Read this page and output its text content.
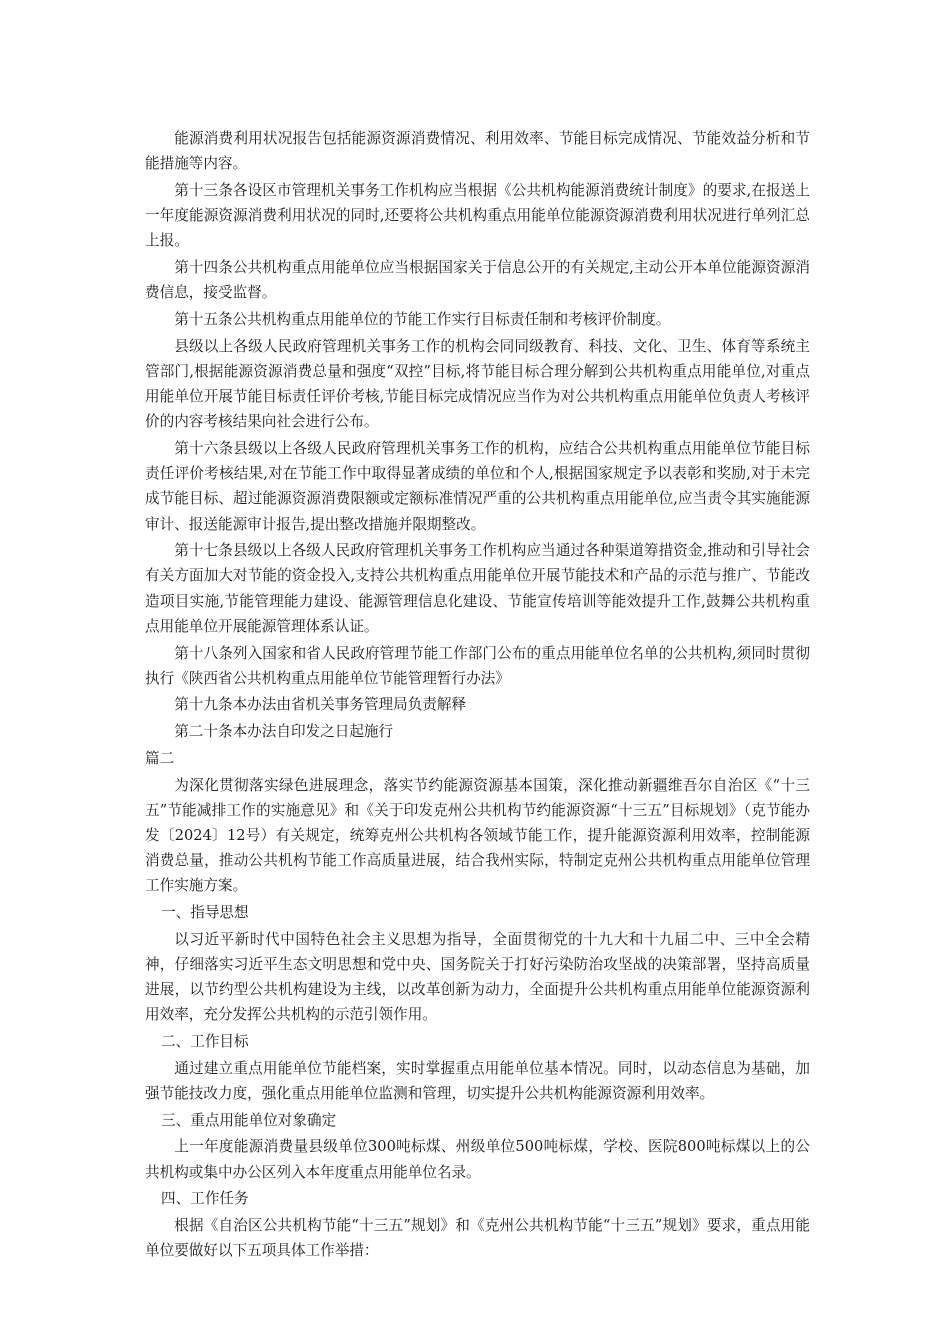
能源消费利用状况报告包括能源资源消费情况、利用效率、节能目标完成情况、节能效益分析和节能措施等内容。

第十三条各设区市管理机关事务工作机构应当根据《公共机构能源消费统计制度》的要求,在报送上一年度能源资源消费利用状况的同时,还要将公共机构重点用能单位能源资源消费利用状况进行单列汇总上报。

第十四条公共机构重点用能单位应当根据国家关于信息公开的有关规定,主动公开本单位能源资源消费信息，接受监督。

第十五条公共机构重点用能单位的节能工作实行目标责任制和考核评价制度。

县级以上各级人民政府管理机关事务工作的机构会同同级教育、科技、文化、卫生、体育等系统主管部门,根据能源资源消费总量和强度“双控”目标,将节能目标合理分解到公共机构重点用能单位,对重点用能单位开展节能目标责任评价考核,节能目标完成情况应当作为对公共机构重点用能单位负责人考核评价的内容考核结果向社会进行公布。

第十六条县级以上各级人民政府管理机关事务工作的机构，应结合公共机构重点用能单位节能目标责任评价考核结果,对在节能工作中取得显著成绩的单位和个人,根据国家规定予以表彰和奖励,对于未完成节能目标、超过能源资源消费限额或定额标准情况严重的公共机构重点用能单位,应当责令其实施能源审计、报送能源审计报告,提出整改措施并限期整改。

第十七条县级以上各级人民政府管理机关事务工作机构应当通过各种渠道筹措资金,推动和引导社会有关方面加大对节能的资金投入,支持公共机构重点用能单位开展节能技术和产品的示范与推广、节能改造项目实施,节能管理能力建设、能源管理信息化建设、节能宣传培训等能效提升工作,鼓舞公共机构重点用能单位开展能源管理体系认证。

第十八条列入国家和省人民政府管理节能工作部门公布的重点用能单位名单的公共机构,须同时贯彻执行《陕西省公共机构重点用能单位节能管理暂行办法》

第十九条本办法由省机关事务管理局负责解释

第二十条本办法自印发之日起施行

篇二

为深化贯彻落实绿色进展理念，落实节约能源资源基本国策，深化推动新疆维吾尔自治区《“十三五”节能减排工作的实施意见》和《关于印发克州公共机构节约能源资源“十三五”目标规划》（克节能办发〔2024〕12号）有关规定，统筹克州公共机构各领域节能工作，提升能源资源利用效率，控制能源消费总量，推动公共机构节能工作高质量进展，结合我州实际，特制定克州公共机构重点用能单位管理工作实施方案。

一、指导思想

以习近平新时代中国特色社会主义思想为指导，全面贯彻党的十九大和十九届二中、三中全会精神，仔细落实习近平生态文明思想和党中央、国务院关于打好污染防治攻坚战的决策部署，坚持高质量进展，以节约型公共机构建设为主线，以改革创新为动力，全面提升公共机构重点用能单位能源资源利用效率，充分发挥公共机构的示范引领作用。

二、工作目标

通过建立重点用能单位节能档案，实时掌握重点用能单位基本情况。同时，以动态信息为基础，加强节能技改力度，强化重点用能单位监测和管理，切实提升公共机构能源资源利用效率。

三、重点用能单位对象确定

上一年度能源消费量县级单位300吨标煤、州级单位500吨标煤，学校、医院800吨标煤以上的公共机构或集中办公区列入本年度重点用能单位名录。

四、工作任务

根据《自治区公共机构节能“十三五”规划》和《克州公共机构节能“十三五”规划》要求，重点用能单位要做好以下五项具体工作举措：
